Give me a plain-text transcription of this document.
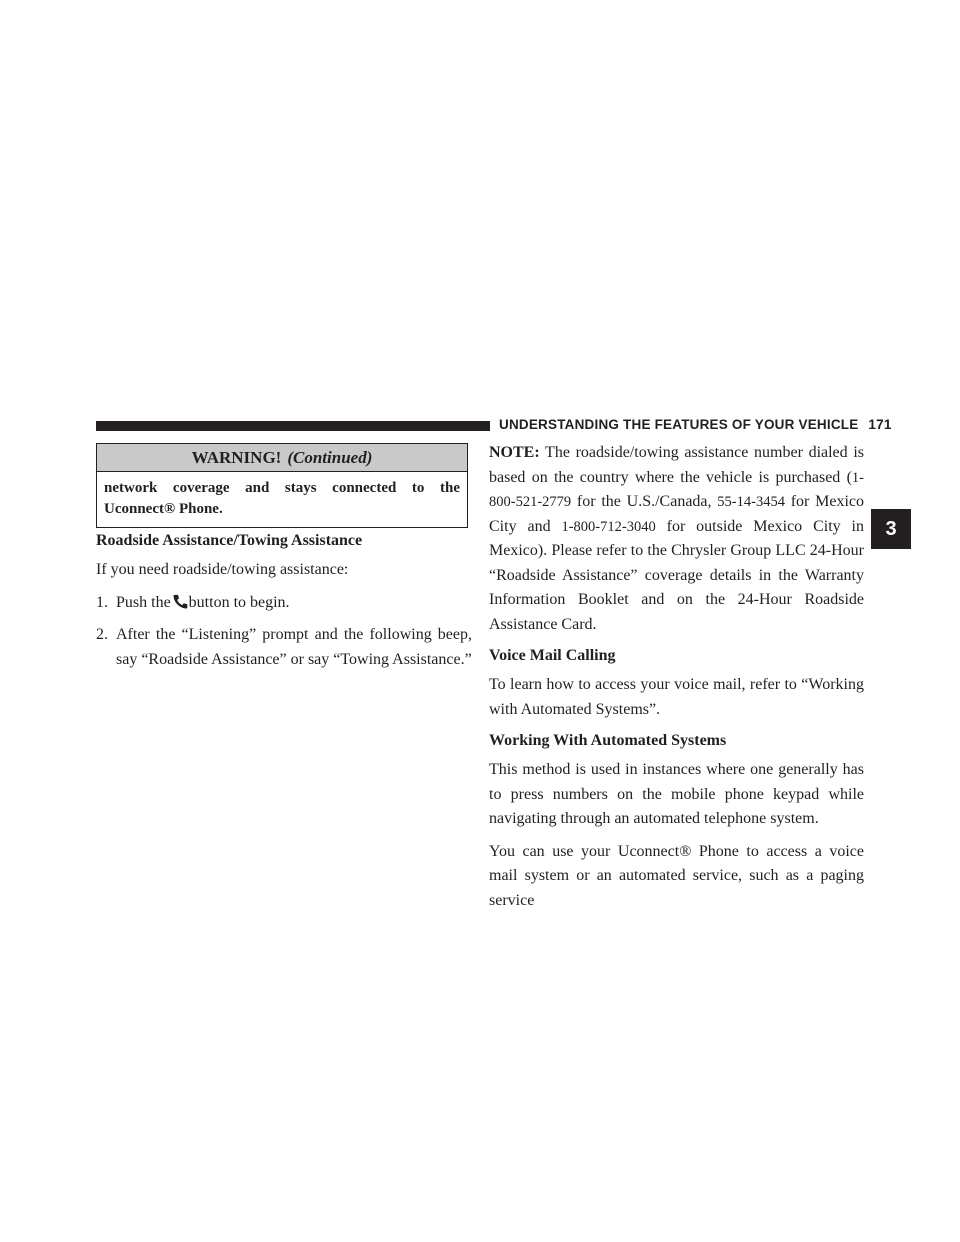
UNDERSTANDING THE FEATURES OF YOUR VEHICLE 171
3
WARNING! (Continued)
network coverage and stays connected to the Uconnect® Phone.
Roadside Assistance/Towing Assistance

If you need roadside/towing assistance:

1. Push the button to begin.
2. After the “Listening” prompt and the following beep, say “Roadside Assistance” or say “Towing Assistance.”

NOTE: The roadside/towing assistance number dialed is based on the country where the vehicle is purchased (1-800-521-2779 for the U.S./Canada, 55-14-3454 for Mexico City and 1-800-712-3040 for outside Mexico City in Mexico). Please refer to the Chrysler Group LLC 24-Hour “Roadside Assistance” coverage details in the Warranty Information Booklet and on the 24-Hour Roadside Assistance Card.

Voice Mail Calling

To learn how to access your voice mail, refer to “Working with Automated Systems”.

Working With Automated Systems

This method is used in instances where one generally has to press numbers on the mobile phone keypad while navigating through an automated telephone system.

You can use your Uconnect® Phone to access a voice mail system or an automated service, such as a paging service
